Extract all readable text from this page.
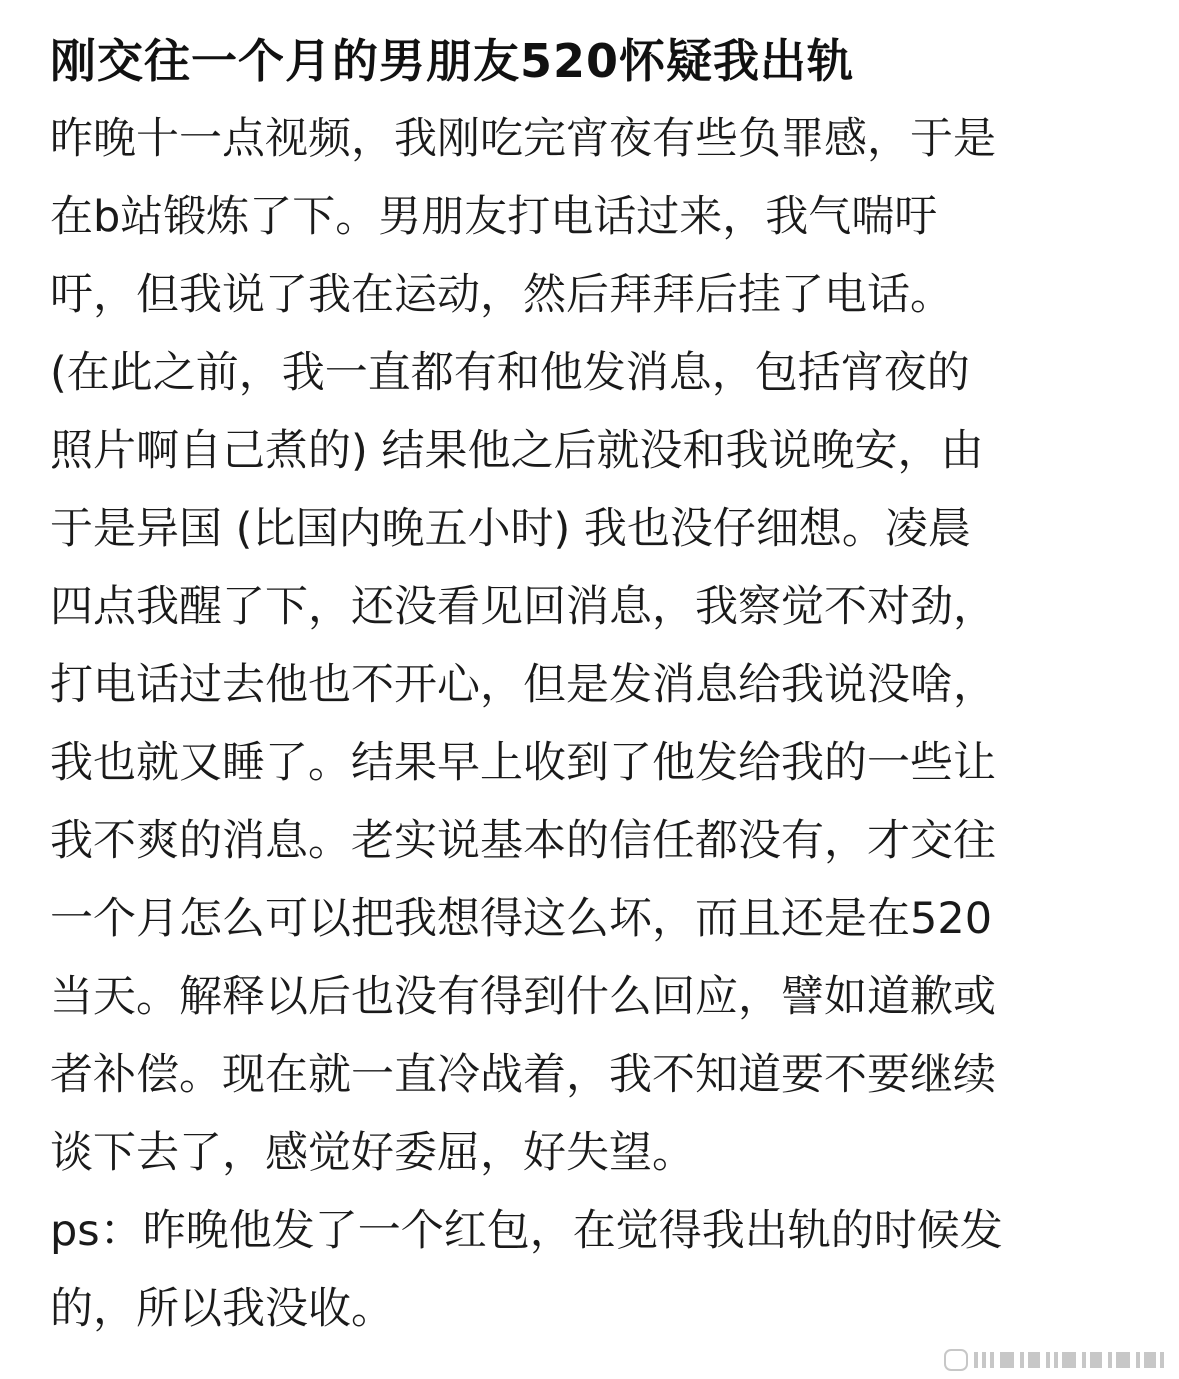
刚交往一个月的男朋友520怀疑我出轨
昨晚十一点视频，我刚吃完宵夜有些负罪感，于是
在b站锻炼了下。男朋友打电话过来，我气喘吁
吁，但我说了我在运动，然后拜拜后挂了电话。
(在此之前，我一直都有和他发消息，包括宵夜的
照片啊自己煮的) 结果他之后就没和我说晚安，由
于是异国 (比国内晚五小时) 我也没仔细想。凌晨
四点我醒了下，还没看见回消息，我察觉不对劲，
打电话过去他也不开心，但是发消息给我说没啥，
我也就又睡了。结果早上收到了他发给我的一些让
我不爽的消息。老实说基本的信任都没有，才交往
一个月怎么可以把我想得这么坏，而且还是在520
当天。解释以后也没有得到什么回应，譬如道歉或
者补偿。现在就一直冷战着，我不知道要不要继续
谈下去了，感觉好委屈，好失望。
ps：昨晚他发了一个红包，在觉得我出轨的时候发
的，所以我没收。
